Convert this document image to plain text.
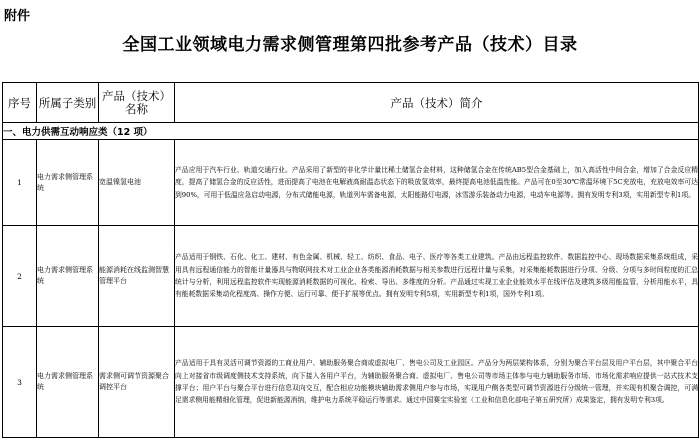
附件
全国工业领域电力需求侧管理第四批参考产品（技术）目录
序号	所属子类别	产品（技术）名称	产品（技术）简介
一、电力供需互动响应类（12 项）			
1	电力需求侧管理系统	宽温镍氢电池	产品应用于汽车行业、轨道交通行业。产品采用了新型的非化学计量比稀土储氢合金材料，这种储氢合金在传统AB5型合金基础上，加入高活性中间合金，增加了合金反应精度，提高了储氢合金的反应活性，进而提高了电池在电解液高耐温态状态下的吸放氢效率，最终提高电池低温性能。产品可在0至30℃常温环境下5C充放电，充放电效率可达到90%，可用于低温应急启动电源，分布式储能电源，轨道列车需备电源，太阳能路灯电源，冰雪游乐装备动力电源，电动车电源等。拥有发明专利3项，实用新型专利1项。
2	电力需求侧管理系统	能源消耗在线监测智慧管理平台	产品适用于钢铁、石化、化工、建材、有色金属、机械、轻工、纺织、食品、电子、医疗等各类工业建筑。产品由远程监控软件、数据监控中心、现场数据采集系统组成，采用具有远程通信能力的智能计量器具与物联网技术对工业企业各类能源消耗数据与相关参数进行远程计量与采集，对采集能耗数据进行分项、分级、分项与多时间粒度的汇总统计与分析，利用远程监控软件实现能源消耗数据的可视化、检索、导出、多维度的分析。产品通过实现工业企业能效水平在线评估及建筑多级用能监管，分析用能水平，具有能耗数据采集动化程度高、操作方便、运行可靠、便于扩展等优点。拥有发明专利5项，实用新型专利1项，国外专利1项。
3	电力需求侧管理系统	需求侧可调节资源聚合调控平台	产品适用于具有灵活可调节资源的工商业用户、辅助服务聚合商或虚拟电厂、售电公司及工业园区。产品分为两层架构体系，分别为聚合平台层及用户平台层，其中聚合平台向上对接省市级调度侧技术支持系统，向下接入各用户平台，为辅助服务聚合商、虚拟电厂、售电公司等市场主体参与电力辅助服务市场、市场化需求响应提供一站式技术支撑平台；用户平台与聚合平台进行信息双向交互，配合相应功能模块辅助需求侧用户参与市场，实现用户侧各类型可调节资源进行分级统一管理，并实现有机聚合调控，可满足需求侧用能精细化管理，促进新能源消纳，维护电力系统平稳运行等需求。通过中国赛宝实验室（工业和信息化部电子第五研究所）成果鉴定，拥有发明专利3项。
